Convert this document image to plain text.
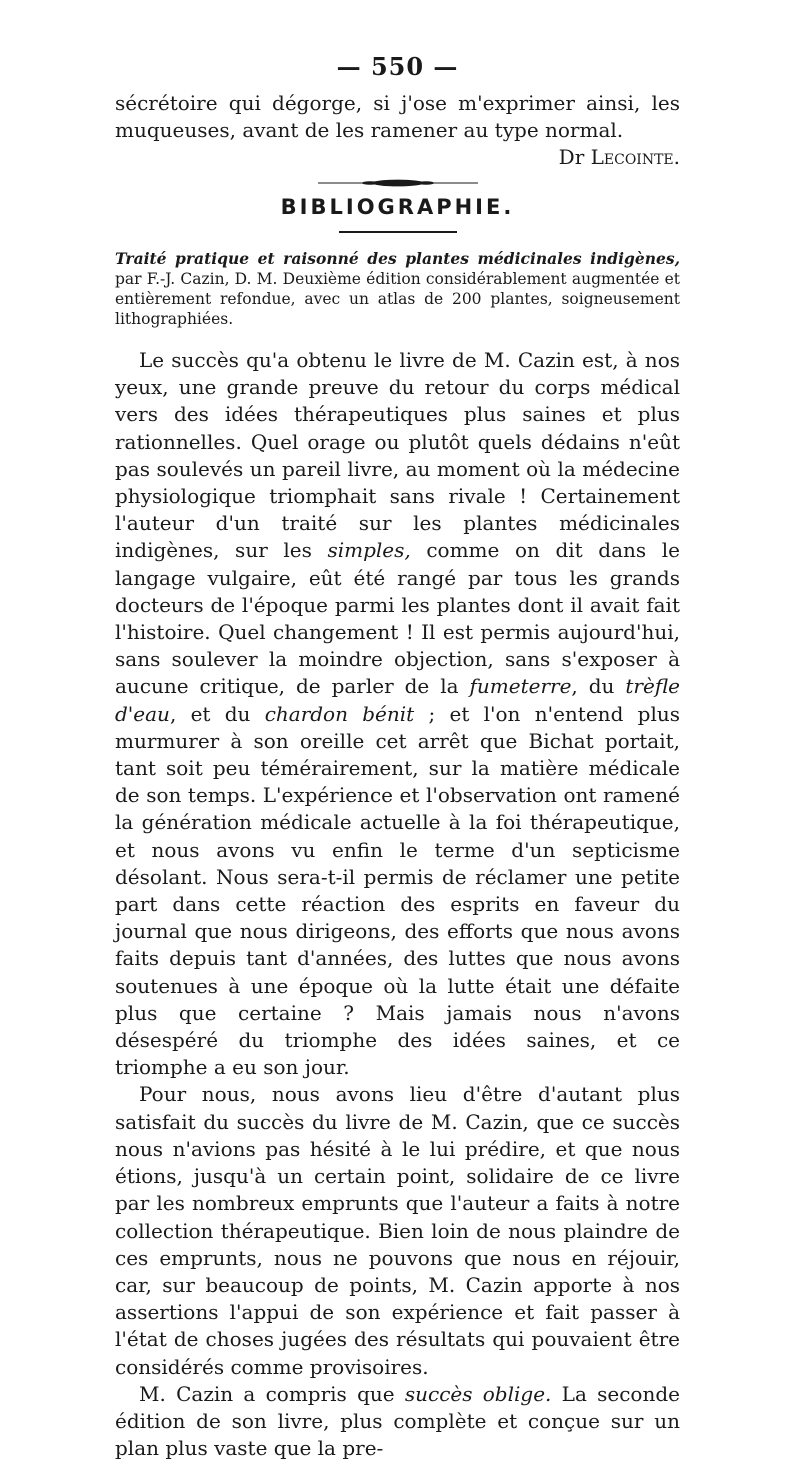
— 550 —

sécrétoire qui dégorge, si j'ose m'exprimer ainsi, les muqueuses, avant de les ramener au type normal.

Dr Lecointe.
BIBLIOGRAPHIE.

Traité pratique et raisonné des plantes médicinales indigènes, par F.-J. Cazin, D. M. Deuxième édition considérablement augmentée et entièrement refondue, avec un atlas de 200 plantes, soigneusement lithographiées.

Le succès qu'a obtenu le livre de M. Cazin est, à nos yeux, une grande preuve du retour du corps médical vers des idées thérapeutiques plus saines et plus rationnelles. Quel orage ou plutôt quels dédains n'eût pas soulevés un pareil livre, au moment où la médecine physiologique triomphait sans rivale ! Certainement l'auteur d'un traité sur les plantes médicinales indigènes, sur les simples, comme on dit dans le langage vulgaire, eût été rangé par tous les grands docteurs de l'époque parmi les plantes dont il avait fait l'histoire. Quel changement ! Il est permis aujourd'hui, sans soulever la moindre objection, sans s'exposer à aucune critique, de parler de la fumeterre, du trèfle d'eau, et du chardon bénit ; et l'on n'entend plus murmurer à son oreille cet arrêt que Bichat portait, tant soit peu témérairement, sur la matière médicale de son temps. L'expérience et l'observation ont ramené la génération médicale actuelle à la foi thérapeutique, et nous avons vu enfin le terme d'un septicisme désolant. Nous sera-t-il permis de réclamer une petite part dans cette réaction des esprits en faveur du journal que nous dirigeons, des efforts que nous avons faits depuis tant d'années, des luttes que nous avons soutenues à une époque où la lutte était une défaite plus que certaine ? Mais jamais nous n'avons désespéré du triomphe des idées saines, et ce triomphe a eu son jour.

Pour nous, nous avons lieu d'être d'autant plus satisfait du succès du livre de M. Cazin, que ce succès nous n'avions pas hésité à le lui prédire, et que nous étions, jusqu'à un certain point, solidaire de ce livre par les nombreux emprunts que l'auteur a faits à notre collection thérapeutique. Bien loin de nous plaindre de ces emprunts, nous ne pouvons que nous en réjouir, car, sur beaucoup de points, M. Cazin apporte à nos assertions l'appui de son expérience et fait passer à l'état de choses jugées des résultats qui pouvaient être considérés comme provisoires.

M. Cazin a compris que succès oblige. La seconde édition de son livre, plus complète et conçue sur un plan plus vaste que la pre-
